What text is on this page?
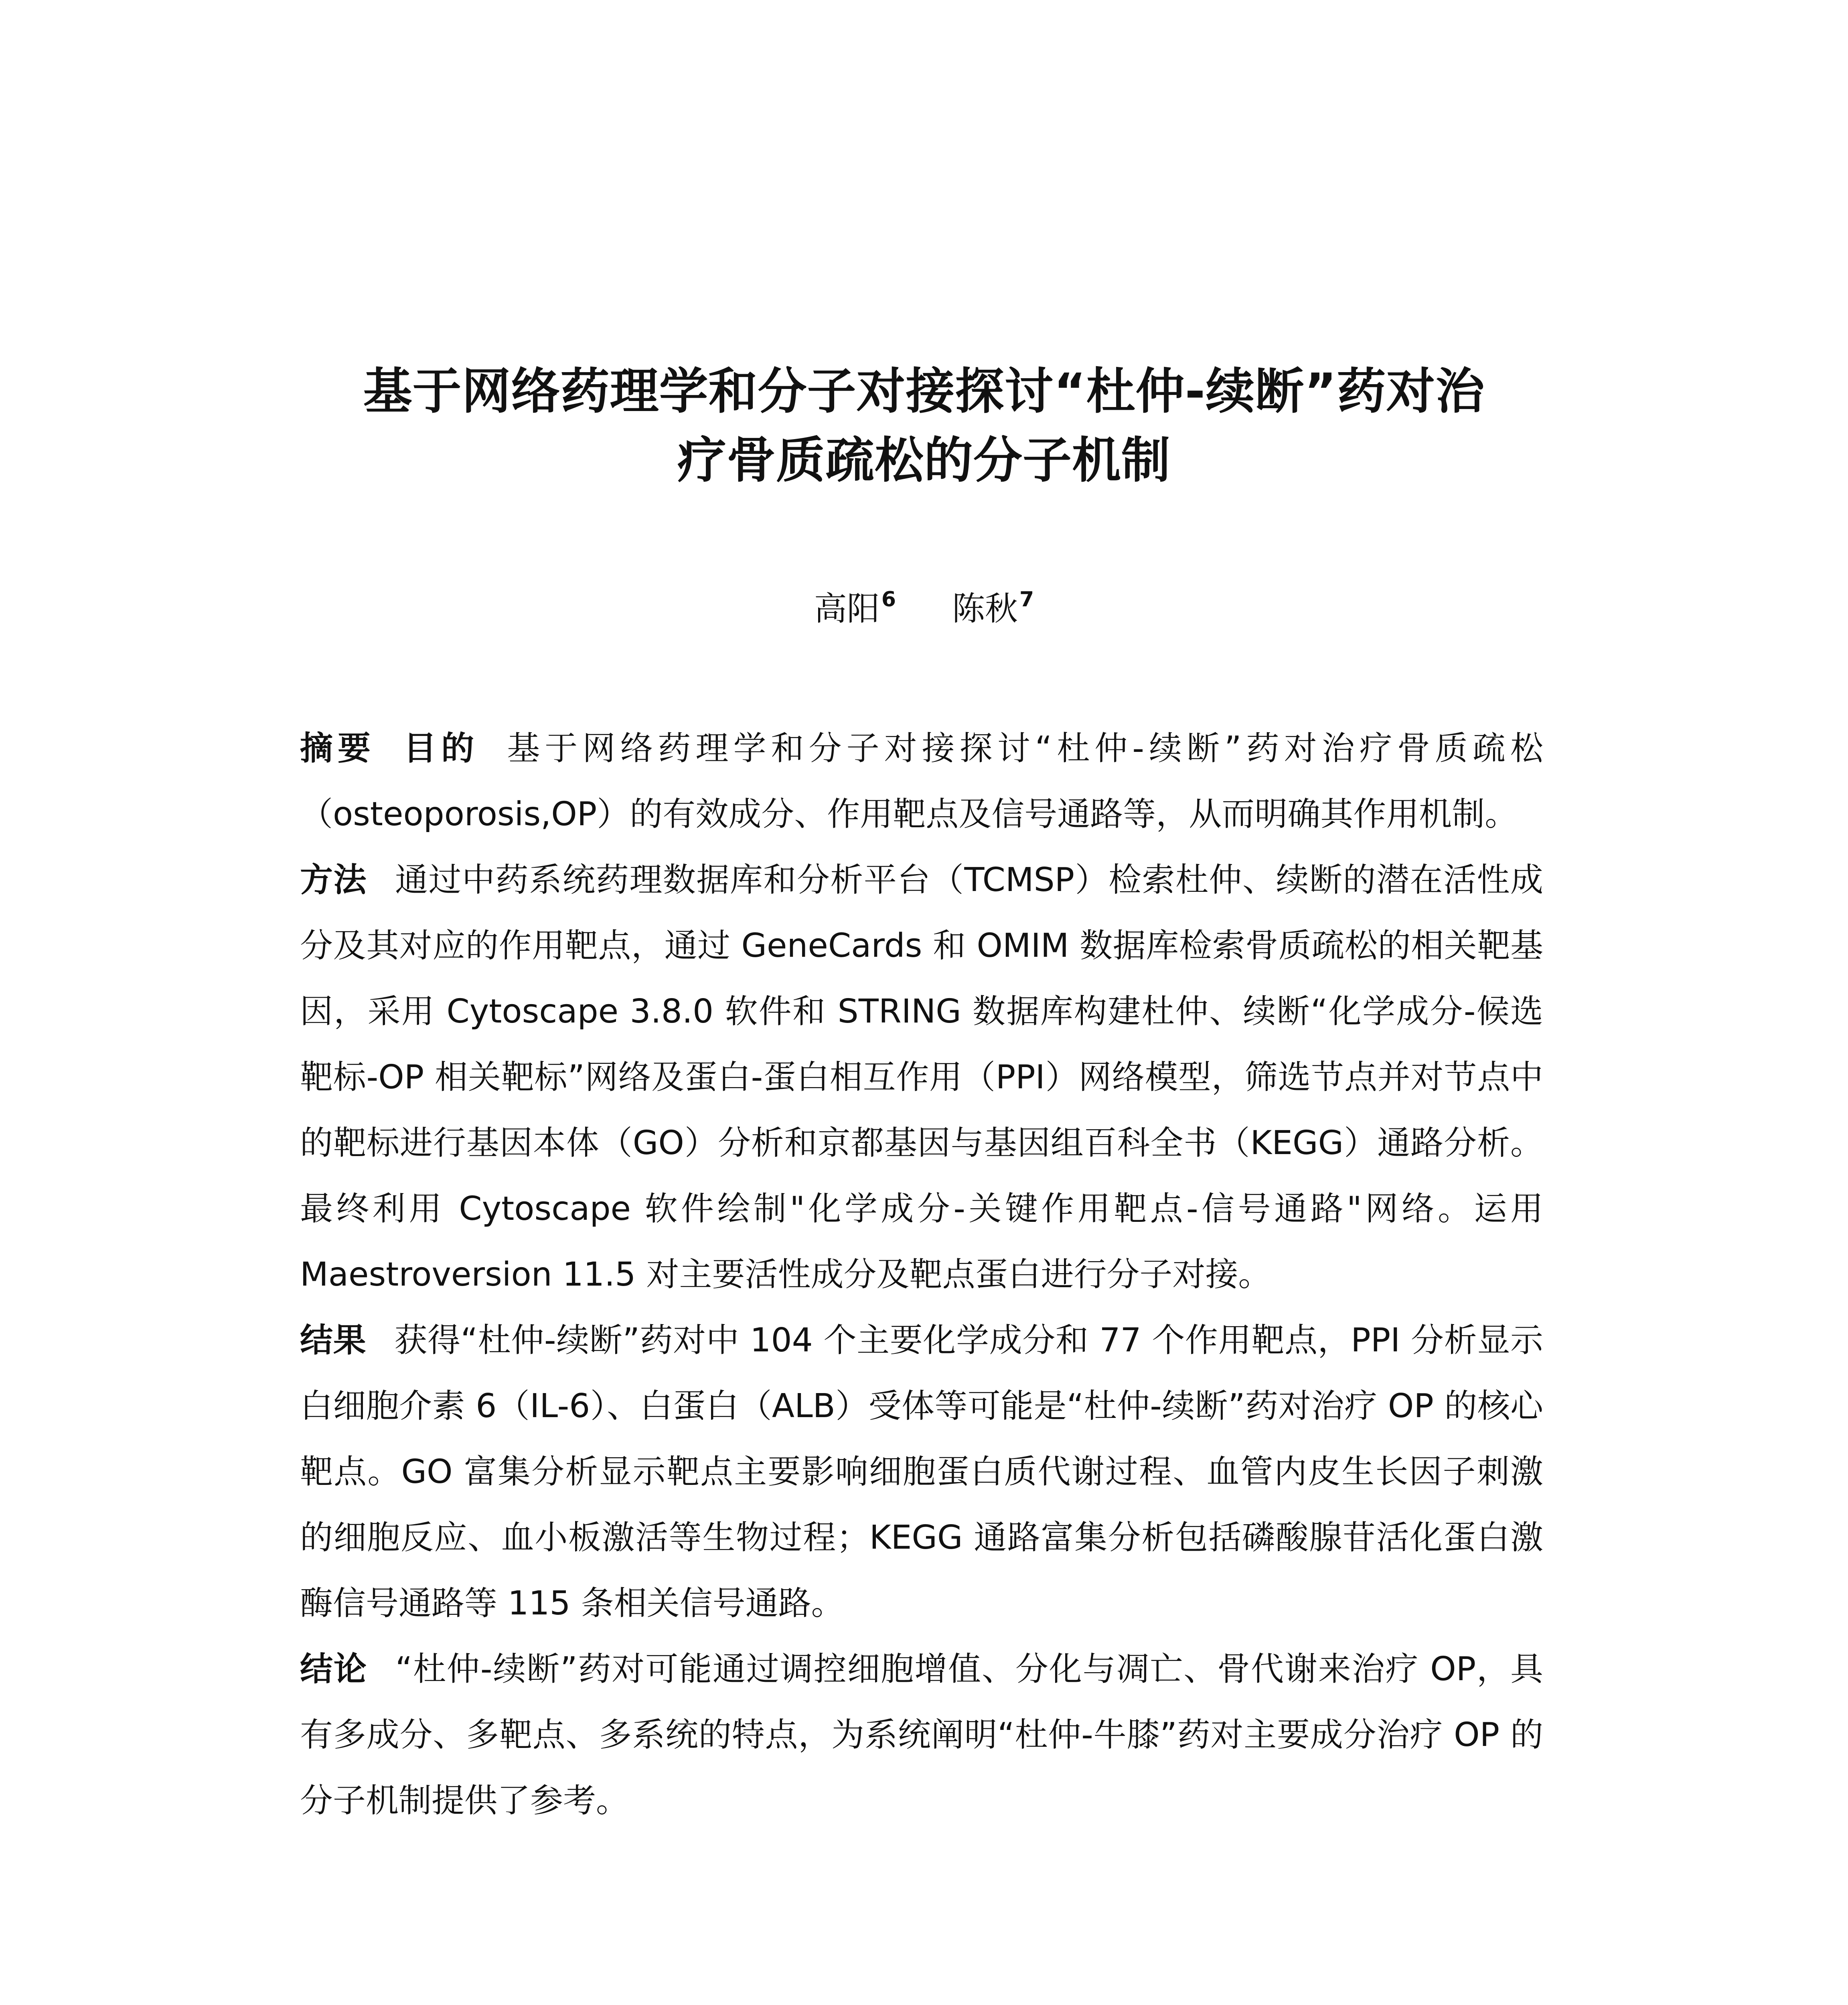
基于网络药理学和分子对接探讨“杜仲-续断”药对治
疗骨质疏松的分子机制
高阳$^6$ 陈秋$^7$

摘要 目的 基于网络药理学和分子对接探讨“杜仲-续断”药对治疗骨质疏松（osteoporosis,OP）的有效成分、作用靶点及信号通路等，从而明确其作用机制。

方法 通过中药系统药理数据库和分析平台（TCMSP）检索杜仲、续断的潜在活性成分及其对应的作用靶点，通过 GeneCards 和 OMIM 数据库检索骨质疏松的相关靶基因，采用 Cytoscape 3.8.0 软件和 STRING 数据库构建杜仲、续断“化学成分-候选靶标-OP 相关靶标”网络及蛋白-蛋白相互作用（PPI）网络模型，筛选节点并对节点中的靶标进行基因本体（GO）分析和京都基因与基因组百科全书（KEGG）通路分析。最终利用 Cytoscape 软件绘制"化学成分-关键作用靶点-信号通路"网络。运用 Maestroversion 11.5 对主要活性成分及靶点蛋白进行分子对接。

结果 获得“杜仲-续断”药对中 104 个主要化学成分和 77 个作用靶点，PPI 分析显示白细胞介素 6（IL-6）、白蛋白（ALB）受体等可能是“杜仲-续断”药对治疗 OP 的核心靶点。GO 富集分析显示靶点主要影响细胞蛋白质代谢过程、血管内皮生长因子刺激的细胞反应、血小板激活等生物过程；KEGG 通路富集分析包括磷酸腺苷活化蛋白激酶信号通路等 115 条相关信号通路。

结论 “杜仲-续断”药对可能通过调控细胞增值、分化与凋亡、骨代谢来治疗 OP，具有多成分、多靶点、多系统的特点，为系统阐明“杜仲-牛膝”药对主要成分治疗 OP 的分子机制提供了参考。
